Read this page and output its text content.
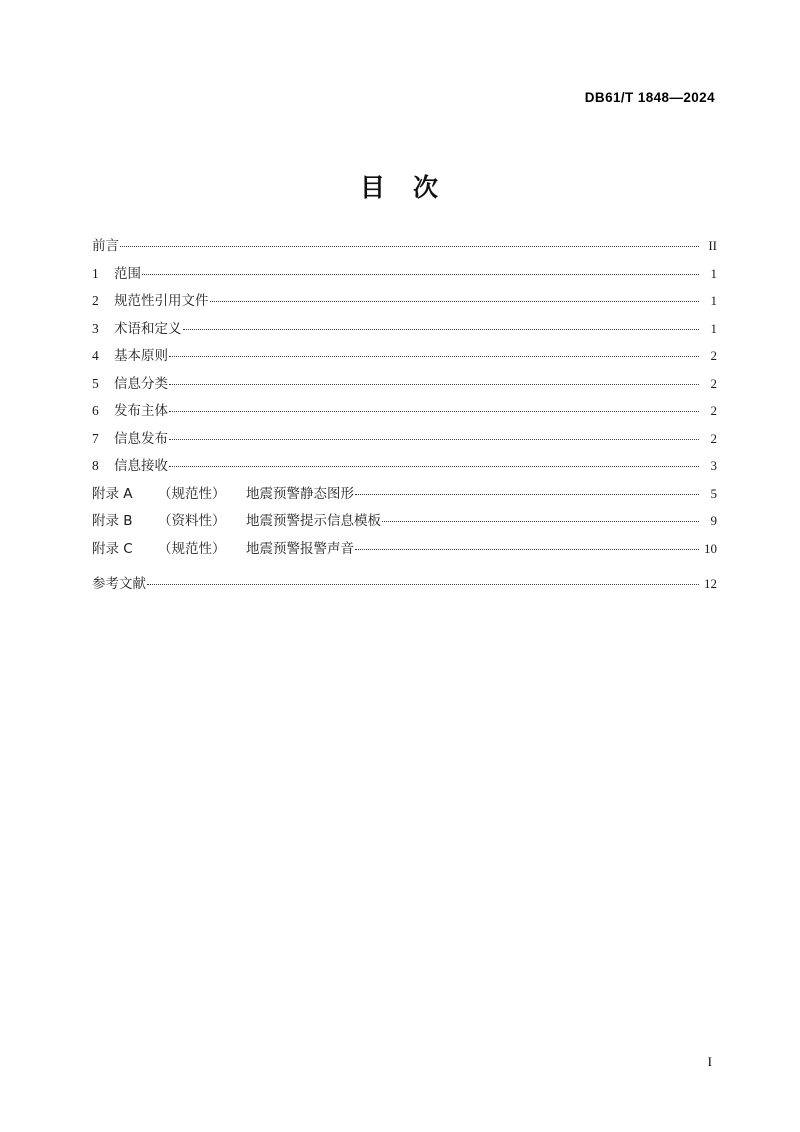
DB61/T 1848—2024
目 次
前言	II
1	范围	1
2	规范性引用文件	1
3	术语和定义	1
4	基本原则	2
5	信息分类	2
6	发布主体	2
7	信息发布	2
8	信息接收	3
附录 A	（规范性）	地震预警静态图形	5
附录 B	（资料性）	地震预警提示信息模板	9
附录 C	（规范性）	地震预警报警声音	10
参考文献	12
I
